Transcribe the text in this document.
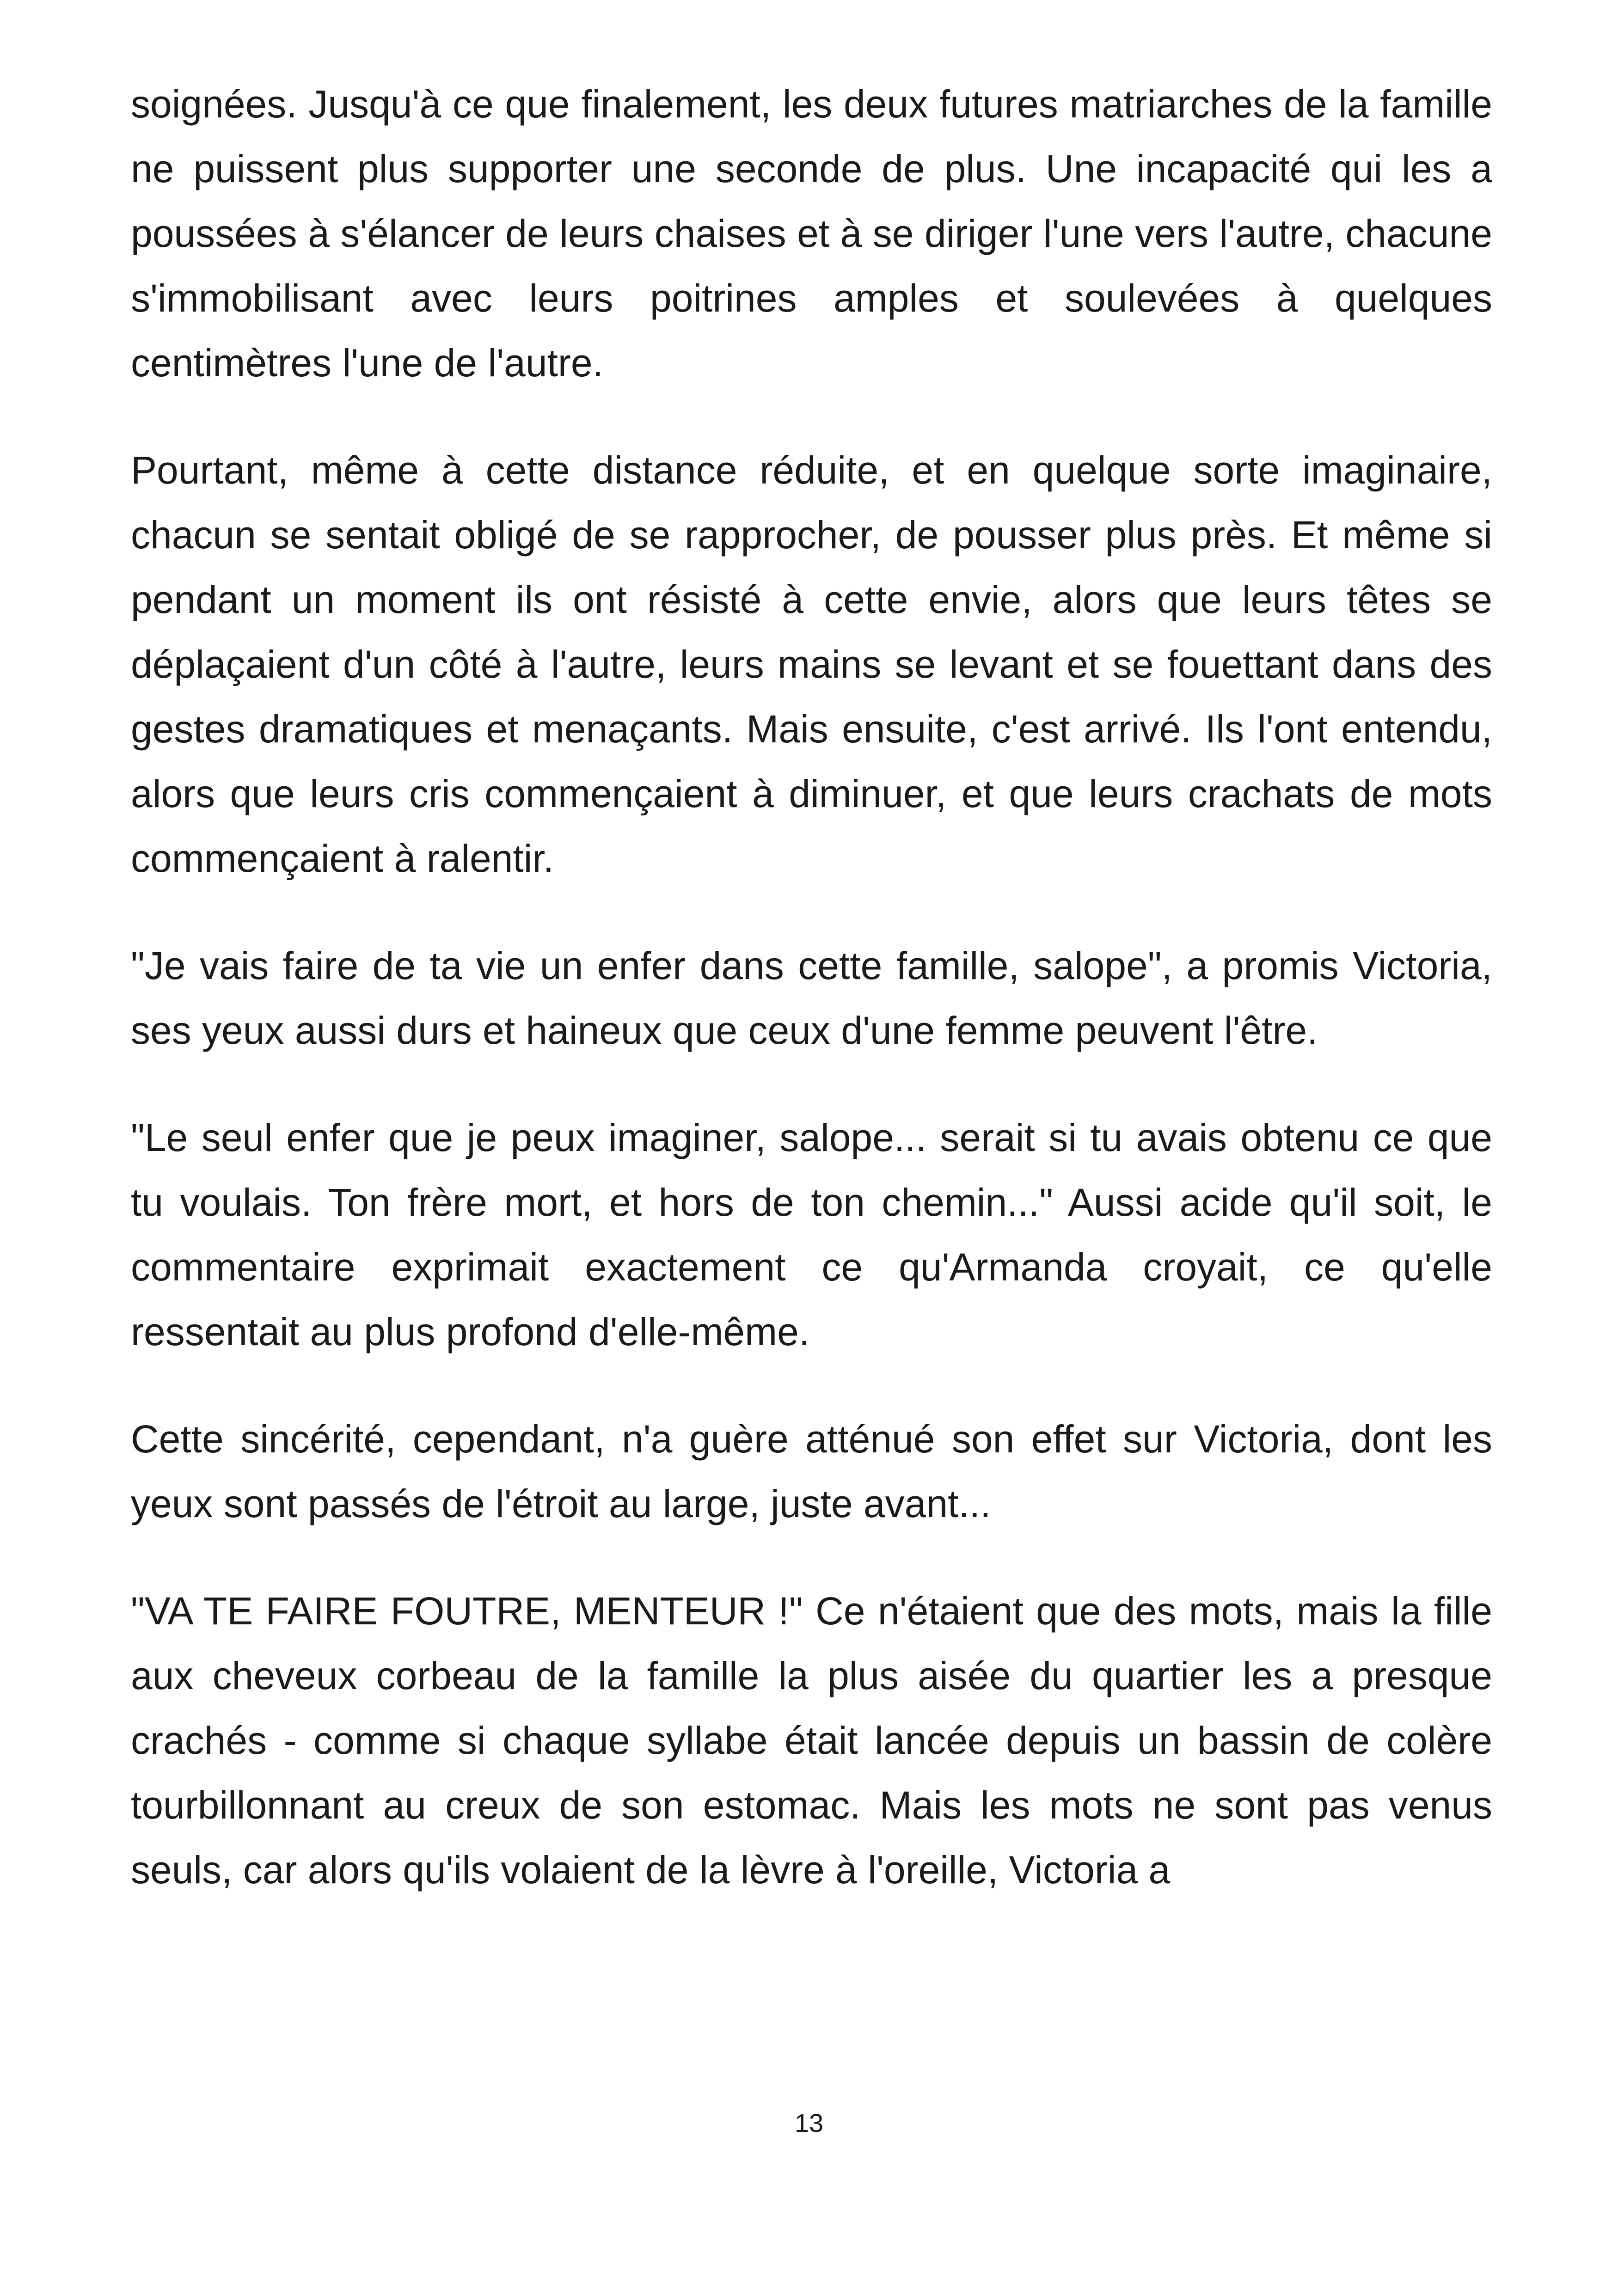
soignées. Jusqu'à ce que finalement, les deux futures matriarches de la famille ne puissent plus supporter une seconde de plus. Une incapacité qui les a poussées à s'élancer de leurs chaises et à se diriger l'une vers l'autre, chacune s'immobilisant avec leurs poitrines amples et soulevées à quelques centimètres l'une de l'autre.

Pourtant, même à cette distance réduite, et en quelque sorte imaginaire, chacun se sentait obligé de se rapprocher, de pousser plus près. Et même si pendant un moment ils ont résisté à cette envie, alors que leurs têtes se déplaçaient d'un côté à l'autre, leurs mains se levant et se fouettant dans des gestes dramatiques et menaçants. Mais ensuite, c'est arrivé. Ils l'ont entendu, alors que leurs cris commençaient à diminuer, et que leurs crachats de mots commençaient à ralentir.

"Je vais faire de ta vie un enfer dans cette famille, salope", a promis Victoria, ses yeux aussi durs et haineux que ceux d'une femme peuvent l'être.

"Le seul enfer que je peux imaginer, salope... serait si tu avais obtenu ce que tu voulais. Ton frère mort, et hors de ton chemin..." Aussi acide qu'il soit, le commentaire exprimait exactement ce qu'Armanda croyait, ce qu'elle ressentait au plus profond d'elle-même.

Cette sincérité, cependant, n'a guère atténué son effet sur Victoria, dont les yeux sont passés de l'étroit au large, juste avant...

"VA TE FAIRE FOUTRE, MENTEUR !" Ce n'étaient que des mots, mais la fille aux cheveux corbeau de la famille la plus aisée du quartier les a presque crachés - comme si chaque syllabe était lancée depuis un bassin de colère tourbillonnant au creux de son estomac. Mais les mots ne sont pas venus seuls, car alors qu'ils volaient de la lèvre à l'oreille, Victoria a

13
